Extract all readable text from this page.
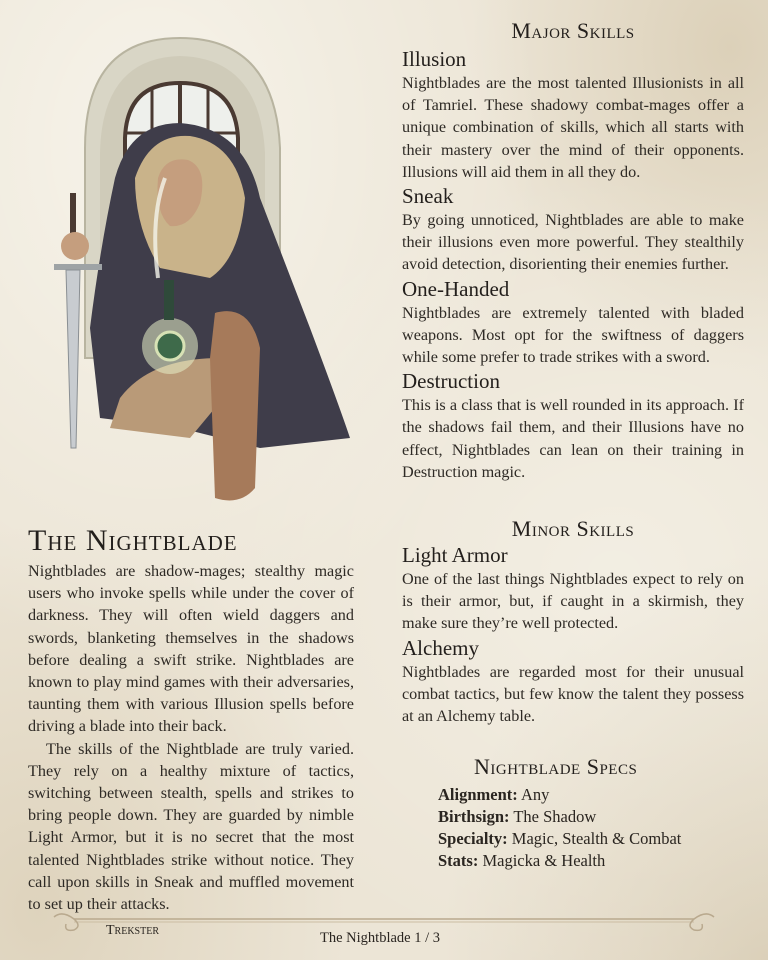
The Nightblade

Nightblades are shadow-mages; stealthy magic users who invoke spells while under the cover of darkness. They will often wield daggers and swords, blanketing themselves in the shadows before dealing a swift strike. Nightblades are known to play mind games with their adversaries, taunting them with various Illusion spells before driving a blade into their back.

The skills of the Nightblade are truly varied. They rely on a healthy mixture of tactics, switching between stealth, spells and strikes to bring people down. They are guarded by nimble Light Armor, but it is no secret that the most talented Nightblades strike without notice. They call upon skills in Sneak and muffled movement to set up their attacks.

Major Skills
Illusion

Nightblades are the most talented Illusionists in all of Tamriel. These shadowy combat-mages offer a unique combination of skills, which all starts with their mastery over the mind of their opponents. Illusions will aid them in all they do.

Sneak

By going unnoticed, Nightblades are able to make their illusions even more powerful. They stealthily avoid detection, disorienting their enemies further.

One-Handed

Nightblades are extremely talented with bladed weapons. Most opt for the swiftness of daggers while some prefer to trade strikes with a sword.

Destruction

This is a class that is well rounded in its approach. If the shadows fail them, and their Illusions have no effect, Nightblades can lean on their training in Destruction magic.

Minor Skills
Light Armor

One of the last things Nightblades expect to rely on is their armor, but, if caught in a skirmish, they make sure they’re well protected.

Alchemy

Nightblades are regarded most for their unusual combat tactics, but few know the talent they possess at an Alchemy table.

Nightblade Specs
Alignment: Any
Birthsign: The Shadow
Specialty: Magic, Stealth & Combat
Stats: Magicka & Health
Trekster	The Nightblade 1 / 3
